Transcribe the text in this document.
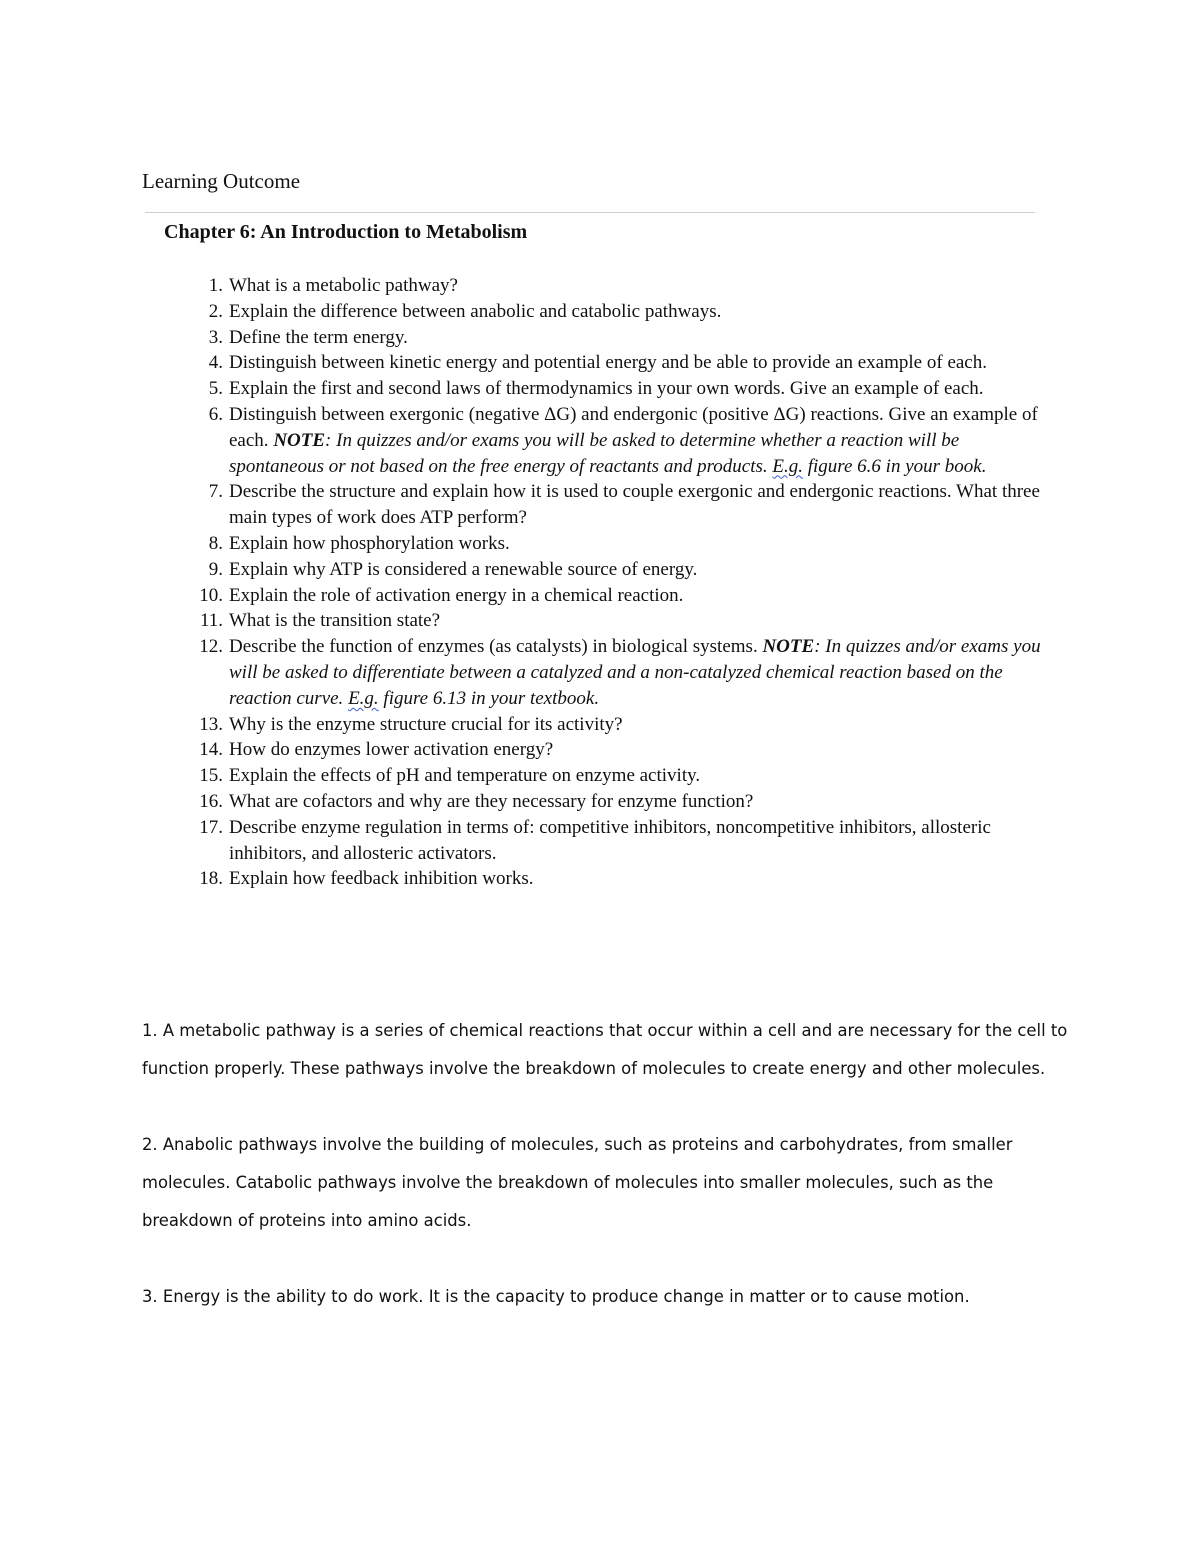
Learning Outcome
Chapter 6: An Introduction to Metabolism
1 . What is a metabolic pathway?
2 . Explain the difference between anabolic and catabolic pathways.
3 . Define the term energy.
4 . Distinguish between kinetic energy and potential energy and be able to provide an example of each.
5 . Explain the first and second laws of thermodynamics in your own words. Give an example of each.
6 . Distinguish between exergonic (negative ΔG) and endergonic (positive ΔG) reactions. Give an example of each. NOTE: In quizzes and/or exams you will be asked to determine whether a reaction will be spontaneous or not based on the free energy of reactants and products. E.g. figure 6.6 in your book.
7 . Describe the structure and explain how it is used to couple exergonic and endergonic reactions. What three main types of work does ATP perform?
8 . Explain how phosphorylation works.
9 . Explain why ATP is considered a renewable source of energy.
10 . Explain the role of activation energy in a chemical reaction.
11 . What is the transition state?
12 . Describe the function of enzymes (as catalysts) in biological systems. NOTE: In quizzes and/or exams you will be asked to differentiate between a catalyzed and a non-catalyzed chemical reaction based on the reaction curve. E.g. figure 6.13 in your textbook.
13 . Why is the enzyme structure crucial for its activity?
14 . How do enzymes lower activation energy?
15 . Explain the effects of pH and temperature on enzyme activity.
16 . What are cofactors and why are they necessary for enzyme function?
17 . Describe enzyme regulation in terms of: competitive inhibitors, noncompetitive inhibitors, allosteric inhibitors, and allosteric activators.
18 . Explain how feedback inhibition works.

1. A metabolic pathway is a series of chemical reactions that occur within a cell and are necessary for the cell to function properly. These pathways involve the breakdown of molecules to create energy and other molecules.

2. Anabolic pathways involve the building of molecules, such as proteins and carbohydrates, from smaller molecules. Catabolic pathways involve the breakdown of molecules into smaller molecules, such as the breakdown of proteins into amino acids.

3. Energy is the ability to do work. It is the capacity to produce change in matter or to cause motion.
